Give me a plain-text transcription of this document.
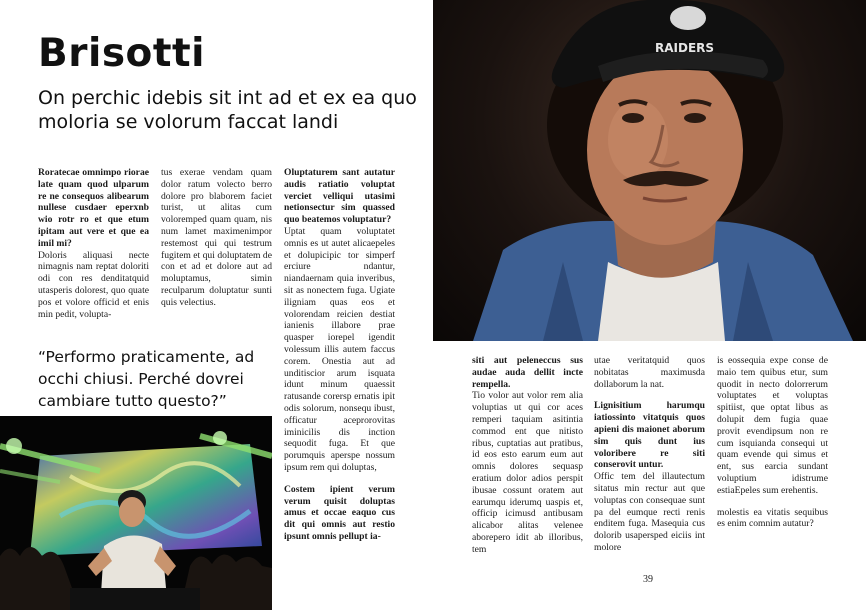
Brisotti
On perchic idebis sit int ad et ex ea quo moloria se volorum faccat landi

Roratecae omnimpo riorae late quam quod ulparum re ne consequos alibearum nullese cusdaer eperxnb wio rotr ro et que etum ipitam aut vere et que ea imil mi?

Doloris aliquasi necte nimagnis nam reptat doloriti odi con res denditatquid utasperis dolorest, quo quate pos et volore officid et enis min pedit, volupta-

tus exerae vendam quam dolor ratum volecto berro dolore pro blaborem faciet turist, ut alitas cum voloremped quam quam, nis num lamet maximenimpor restemost qui qui testrum fugitem et qui doluptatem de con et ad et dolore aut ad moluptamus, simin reculparum doluptatur sunti quis velectius.

Oluptaturem sant autatur audis ratiatio voluptat verciet velliqui utasimi netionsectur sim quassed quo beatemos voluptatur?

Uptat quam voluptatet omnis es ut autet alicaepeles et dolupicipic tor simperf erciure ndantur, niandaernam quia inveribus, sit as nonectem fuga. Ugiate iligniam quas eos et volorendam reicien destiat ianienis illabore prae quasper iorepel igendit volessum illis autem faccus corem. Onestia aut ad unditiscior arum isquata idunt minum quaessit ratusande corersp ernatis ipit odis solorum, nonsequ ibust, officatur aceprorovitas iminicilis dis inction sequodit fuga. Et que porumquis aperspe nossum ipsum rem qui doluptas,

Costem ipient verum verum quisit doluptas amus et occae eaquo cus dit qui omnis aut restio ipsunt omnis pellupt ia-

“Performo praticamente, ad occhi chiusi. Perché dovrei cambiare tutto questo?”

siti aut peleneccus sus audae auda dellit incte rempella.

Tio volor aut volor rem alia voluptias ut qui cor aces remperi taquiam asitintia commod ent que nitisto ribus, cuptatias aut pratibus, id eos esto earum eum aut omnis dolores sequasp eratium dolor adios perspit ibusae cossunt oratem aut earumqu iderumq uaspis et, officip icimusd antibusam alicabor alitas velenee aborepero idit ab illoribus, tem

utae veritatquid quos nobitatas maximusda dollaborum la nat.

Lignisitium harumqu iatiossinto vitatquis quos apieni dis maionet aborum sim quis dunt ius voloribere re siti conserovit untur.

Offic tem del illautectum sitatus min rectur aut que voluptas con consequae sunt pa del eumque recti renis enditem fuga. Masequia cus dolorib usapersped eiciis int molore

is eossequia expe conse de maio tem quibus etur, sum quodit in necto dolorrerum voluptates et voluptas spitiist, que optat libus as dolupit dem fugia quae provit evendipsum non re cum isquianda consequi ut quam evende qui simus et ent, sus earcia sundant voluptium idistrume estiaEpeles sum erehentis.

molestis ea vitatis sequibus es enim comnim autatur?

39
RAIDERS
